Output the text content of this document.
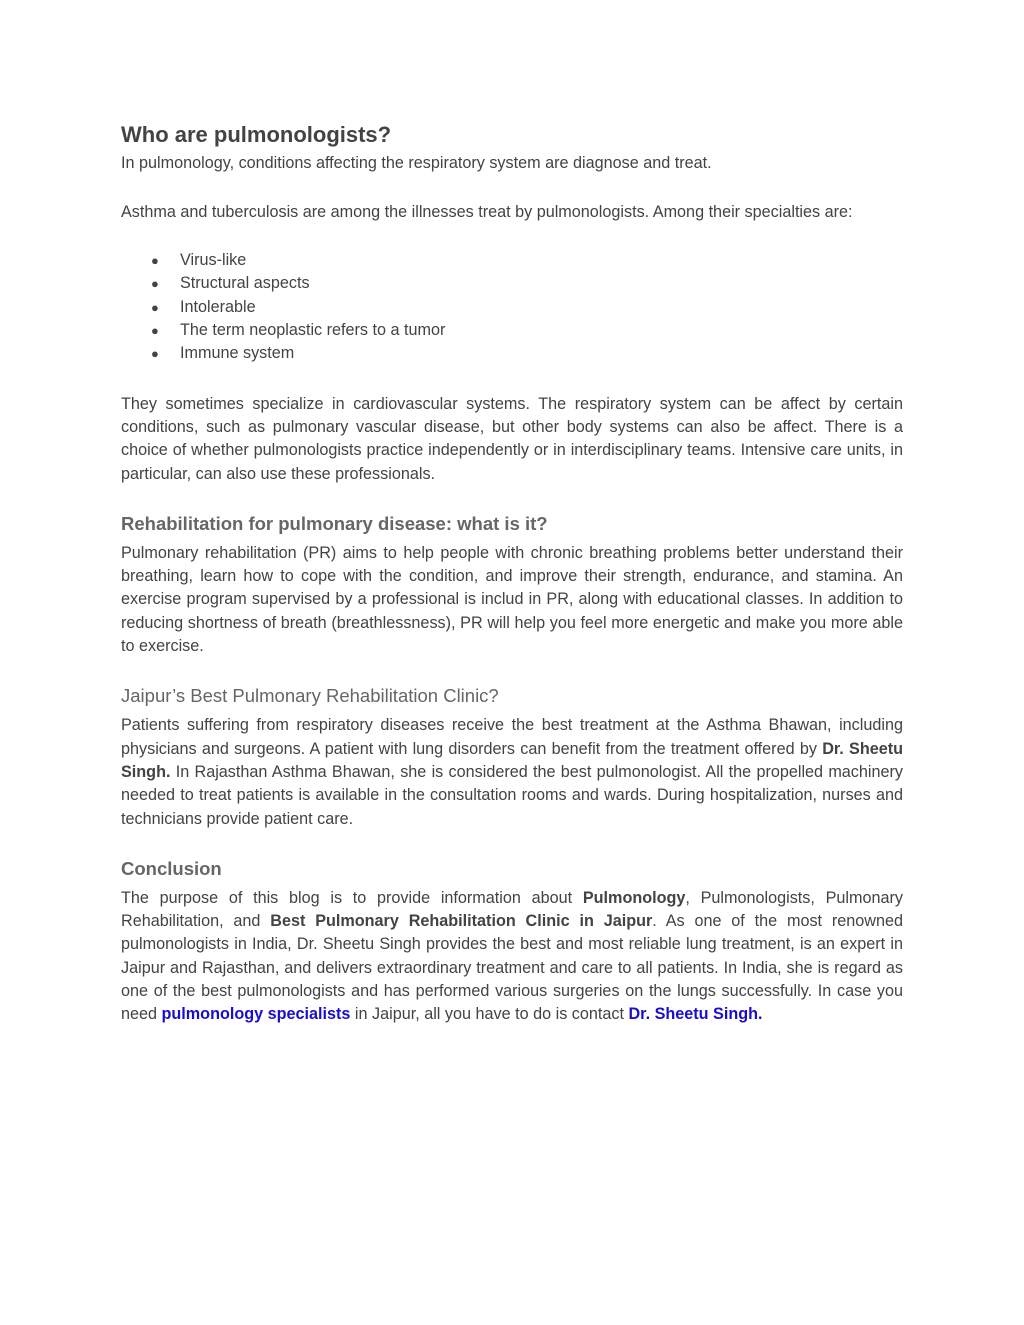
Who are pulmonologists?

In pulmonology, conditions affecting the respiratory system are diagnose and treat.

Asthma and tuberculosis are among the illnesses treat by pulmonologists. Among their specialties are:

● Virus-like
● Structural aspects
● Intolerable
● The term neoplastic refers to a tumor
● Immune system

They sometimes specialize in cardiovascular systems. The respiratory system can be affect by certain conditions, such as pulmonary vascular disease, but other body systems can also be affect. There is a choice of whether pulmonologists practice independently or in interdisciplinary teams. Intensive care units, in particular, can also use these professionals.

Rehabilitation for pulmonary disease: what is it?

Pulmonary rehabilitation (PR) aims to help people with chronic breathing problems better understand their breathing, learn how to cope with the condition, and improve their strength, endurance, and stamina. An exercise program supervised by a professional is includ in PR, along with educational classes. In addition to reducing shortness of breath (breathlessness), PR will help you feel more energetic and make you more able to exercise.

Jaipur’s Best Pulmonary Rehabilitation Clinic?

Patients suffering from respiratory diseases receive the best treatment at the Asthma Bhawan, including physicians and surgeons. A patient with lung disorders can benefit from the treatment offered by Dr. Sheetu Singh. In Rajasthan Asthma Bhawan, she is considered the best pulmonologist. All the propelled machinery needed to treat patients is available in the consultation rooms and wards. During hospitalization, nurses and technicians provide patient care.

Conclusion

The purpose of this blog is to provide information about Pulmonology, Pulmonologists, Pulmonary Rehabilitation, and Best Pulmonary Rehabilitation Clinic in Jaipur. As one of the most renowned pulmonologists in India, Dr. Sheetu Singh provides the best and most reliable lung treatment, is an expert in Jaipur and Rajasthan, and delivers extraordinary treatment and care to all patients. In India, she is regard as one of the best pulmonologists and has performed various surgeries on the lungs successfully. In case you need pulmonology specialists in Jaipur, all you have to do is contact Dr. Sheetu Singh.
